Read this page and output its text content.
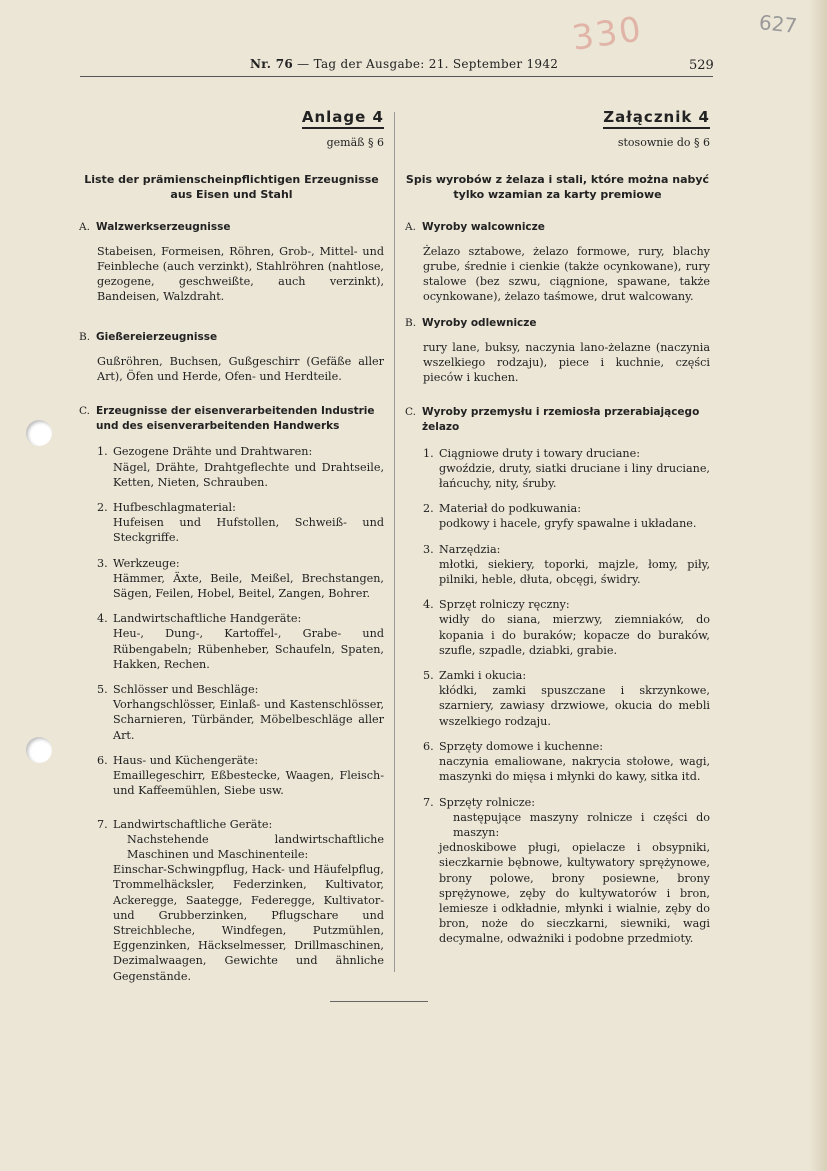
330	627
Nr. 76 — Tag der Ausgabe: 21. September 1942	529
Anlage 4
gemäß § 6
Liste der prämienscheinpflichtigen Erzeugnisse aus Eisen und Stahl
A. Walzwerkserzeugnisse
Stabeisen, Formeisen, Röhren, Grob-, Mittel- und Feinbleche (auch verzinkt), Stahlröhren (nahtlose, gezogene, geschweißte, auch verzinkt), Bandeisen, Walzdraht.
B. Gießereierzeugnisse
Gußröhren, Buchsen, Gußgeschirr (Gefäße aller Art), Öfen und Herde, Ofen- und Herdteile.
C. Erzeugnisse der eisenverarbeitenden Industrie und des eisenverarbeitenden Handwerks
1. Gezogene Drähte und Drahtwaren:
Nägel, Drähte, Drahtgeflechte und Drahtseile, Ketten, Nieten, Schrauben.
2. Hufbeschlagmaterial:
Hufeisen und Hufstollen, Schweiß- und Steckgriffe.
3. Werkzeuge:
Hämmer, Äxte, Beile, Meißel, Brechstangen, Sägen, Feilen, Hobel, Beitel, Zangen, Bohrer.
4. Landwirtschaftliche Handgeräte:
Heu-, Dung-, Kartoffel-, Grabe- und Rübengabeln; Rübenheber, Schaufeln, Spaten, Hakken, Rechen.
5. Schlösser und Beschläge:
Vorhangschlösser, Einlaß- und Kastenschlösser, Scharnieren, Türbänder, Möbelbeschläge aller Art.
6. Haus- und Küchengeräte:
Emaillegeschirr, Eßbestecke, Waagen, Fleisch- und Kaffeemühlen, Siebe usw.
7. Landwirtschaftliche Geräte:
Nachstehende landwirtschaftliche Maschinen und Maschinenteile:
Einschar-Schwingpflug, Hack- und Häufelpflug, Trommelhäcksler, Federzinken, Kultivator, Ackeregge, Saategge, Federegge, Kultivator- und Grubberzinken, Pflugschare und Streichbleche, Windfegen, Putzmühlen, Eggenzinken, Häckselmesser, Drillmaschinen, Dezimalwaagen, Gewichte und ähnliche Gegenstände.
Załącznik 4
stosownie do § 6
Spis wyrobów z żelaza i stali, które można nabyć tylko wzamian za karty premiowe
A. Wyroby walcownicze
Żelazo sztabowe, żelazo formowe, rury, blachy grube, średnie i cienkie (także ocynkowane), rury stalowe (bez szwu, ciągnione, spawane, także ocynkowane), żelazo taśmowe, drut walcowany.
B. Wyroby odlewnicze
rury lane, buksy, naczynia lano-żelazne (naczynia wszelkiego rodzaju), piece i kuchnie, części pieców i kuchen.
C. Wyroby przemysłu i rzemiosła przerabiającego żelazo
1. Ciągniowe druty i towary druciane:
gwoździe, druty, siatki druciane i liny druciane, łańcuchy, nity, śruby.
2. Materiał do podkuwania:
podkowy i hacele, gryfy spawalne i układane.
3. Narzędzia:
młotki, siekiery, toporki, majzle, łomy, piły, pilniki, heble, dłuta, obcęgi, świdry.
4. Sprzęt rolniczy ręczny:
widły do siana, mierzwy, ziemniaków, do kopania i do buraków; kopacze do buraków, szufle, szpadle, dziabki, grabie.
5. Zamki i okucia:
kłódki, zamki spuszczane i skrzynkowe, szarniery, zawiasy drzwiowe, okucia do mebli wszelkiego rodzaju.
6. Sprzęty domowe i kuchenne:
naczynia emaliowane, nakrycia stołowe, wagi, maszynki do mięsa i młynki do kawy, sitka itd.
7. Sprzęty rolnicze:
następujące maszyny rolnicze i części do maszyn:
jednoskibowe pługi, opielacze i obsypniki, sieczkarnie bębnowe, kultywatory sprężynowe, brony polowe, brony posiewne, brony sprężynowe, zęby do kultywatorów i bron, lemiesze i odkładnie, młynki i wialnie, zęby do bron, noże do sieczkarni, siewniki, wagi decymalne, odważniki i podobne przedmioty.
